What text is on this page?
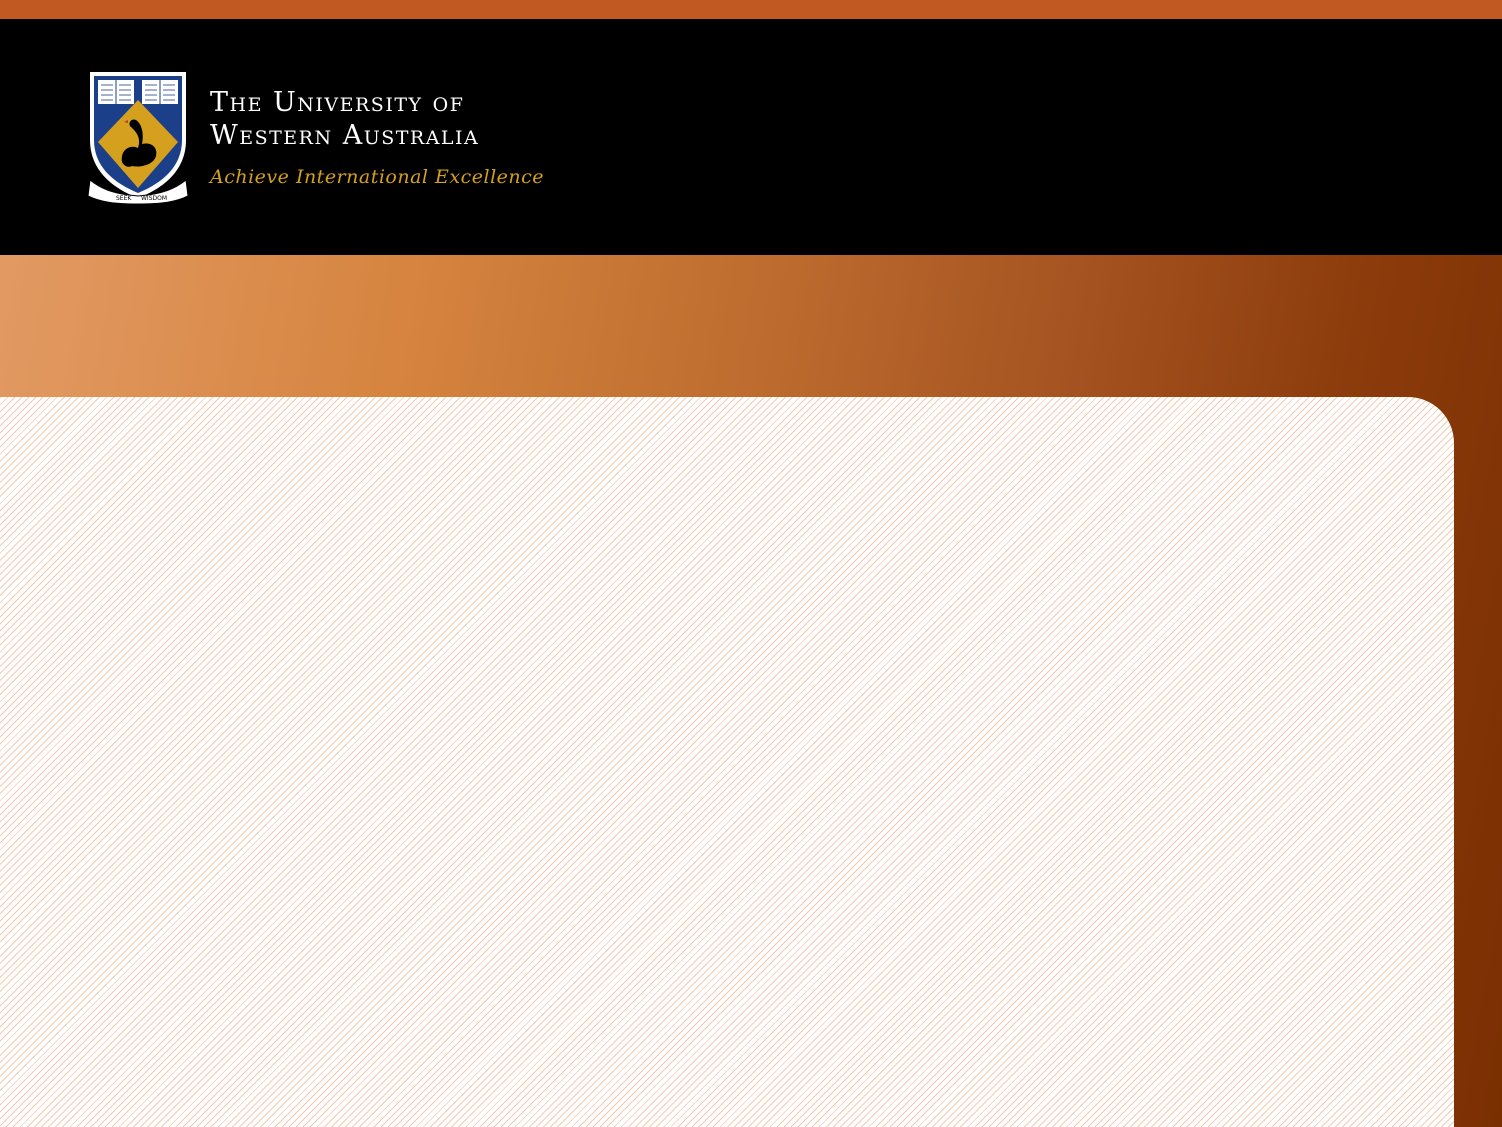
SEEK WISDOM
The University of
Western Australia
Achieve International Excellence
